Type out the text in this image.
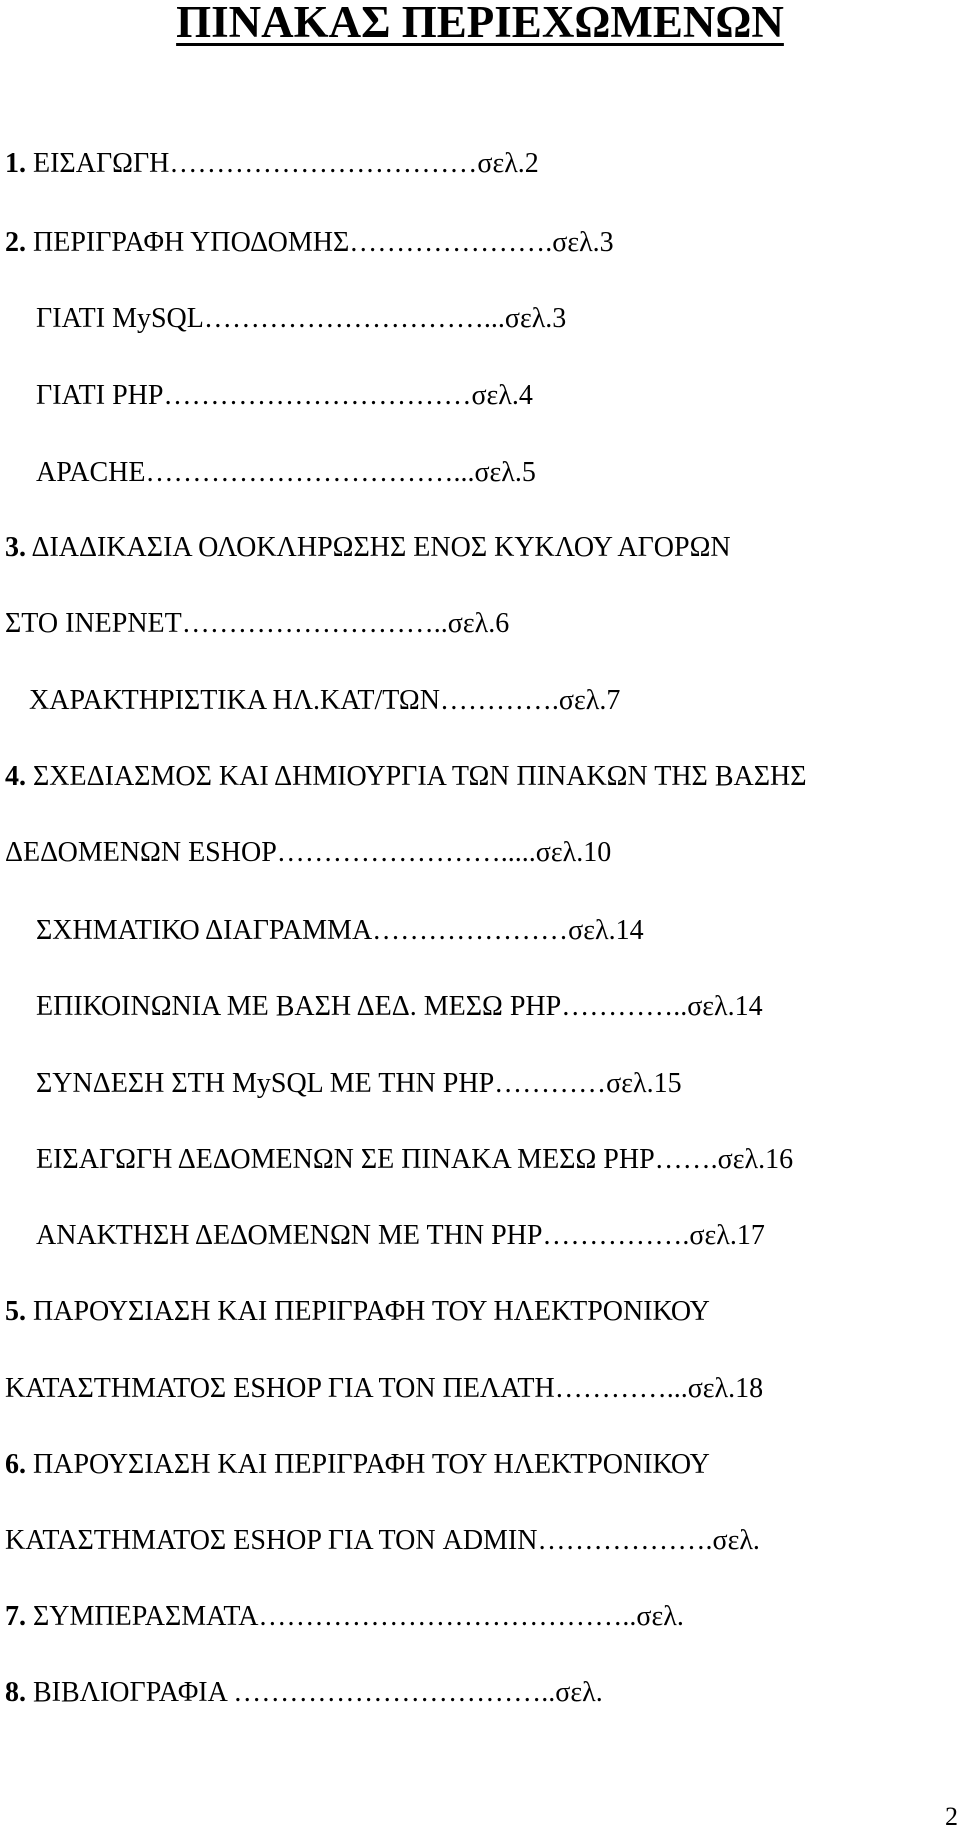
ΠΙΝΑΚΑΣ ΠΕΡΙΕΧΩΜΕΝΩΝ
1. ΕΙΣΑΓΩΓΗ……………………………σελ.2
2. ΠΕΡΙΓΡΑΦΗ ΥΠΟΔΟΜΗΣ………………….σελ.3
ΓΙΑΤΙ MySQL…………………………...σελ.3
ΓΙΑΤΙ PHP……………………………σελ.4
APACHE……………………………...σελ.5
3. ΔΙΑΔΙΚΑΣΙΑ ΟΛΟΚΛΗΡΩΣΗΣ ΕΝΟΣ ΚΥΚΛΟΥ ΑΓΟΡΩΝ
ΣΤΟ ΙΝΕΡΝΕΤ………………………..σελ.6
ΧΑΡΑΚΤΗΡΙΣΤΙΚΑ ΗΛ.ΚΑΤ/ΤΩΝ………….σελ.7
4. ΣΧΕΔΙΑΣΜΟΣ ΚΑΙ ΔΗΜΙΟΥΡΓΙΑ ΤΩΝ ΠΙΝΑΚΩΝ ΤΗΣ ΒΑΣΗΣ
ΔΕΔΟΜΕΝΩΝ ESHOP…………………….....σελ.10
ΣΧΗΜΑΤΙΚΟ ΔΙΑΓΡΑΜΜΑ…………………σελ.14
ΕΠΙΚΟΙΝΩΝΙΑ ΜΕ ΒΑΣΗ ΔΕΔ. ΜΕΣΩ PHP…………..σελ.14
ΣΥΝΔΕΣΗ ΣΤΗ MySQL ΜΕ ΤΗΝ PHP…………σελ.15
ΕΙΣΑΓΩΓΗ ΔΕΔΟΜΕΝΩΝ ΣΕ ΠΙΝΑΚΑ ΜΕΣΩ PHP…….σελ.16
ΑΝΑΚΤΗΣΗ ΔΕΔΟΜΕΝΩΝ ΜΕ ΤΗΝ PHP…………….σελ.17
5. ΠΑΡΟΥΣΙΑΣΗ ΚΑΙ ΠΕΡΙΓΡΑΦΗ ΤΟΥ ΗΛΕΚΤΡΟΝΙΚΟΥ
ΚΑΤΑΣΤΗΜΑΤΟΣ ESHOP ΓΙΑ ΤΟΝ ΠΕΛΑΤΗ…………...σελ.18
6. ΠΑΡΟΥΣΙΑΣΗ ΚΑΙ ΠΕΡΙΓΡΑΦΗ ΤΟΥ ΗΛΕΚΤΡΟΝΙΚΟΥ
ΚΑΤΑΣΤΗΜΑΤΟΣ ESHOP ΓΙΑ ΤΟΝ ADMIN……………….σελ.
7. ΣΥΜΠΕΡΑΣΜΑΤΑ…………………………………..σελ.
8. ΒΙΒΛΙΟΓΡΑΦΙΑ ……………………………..σελ.
2
